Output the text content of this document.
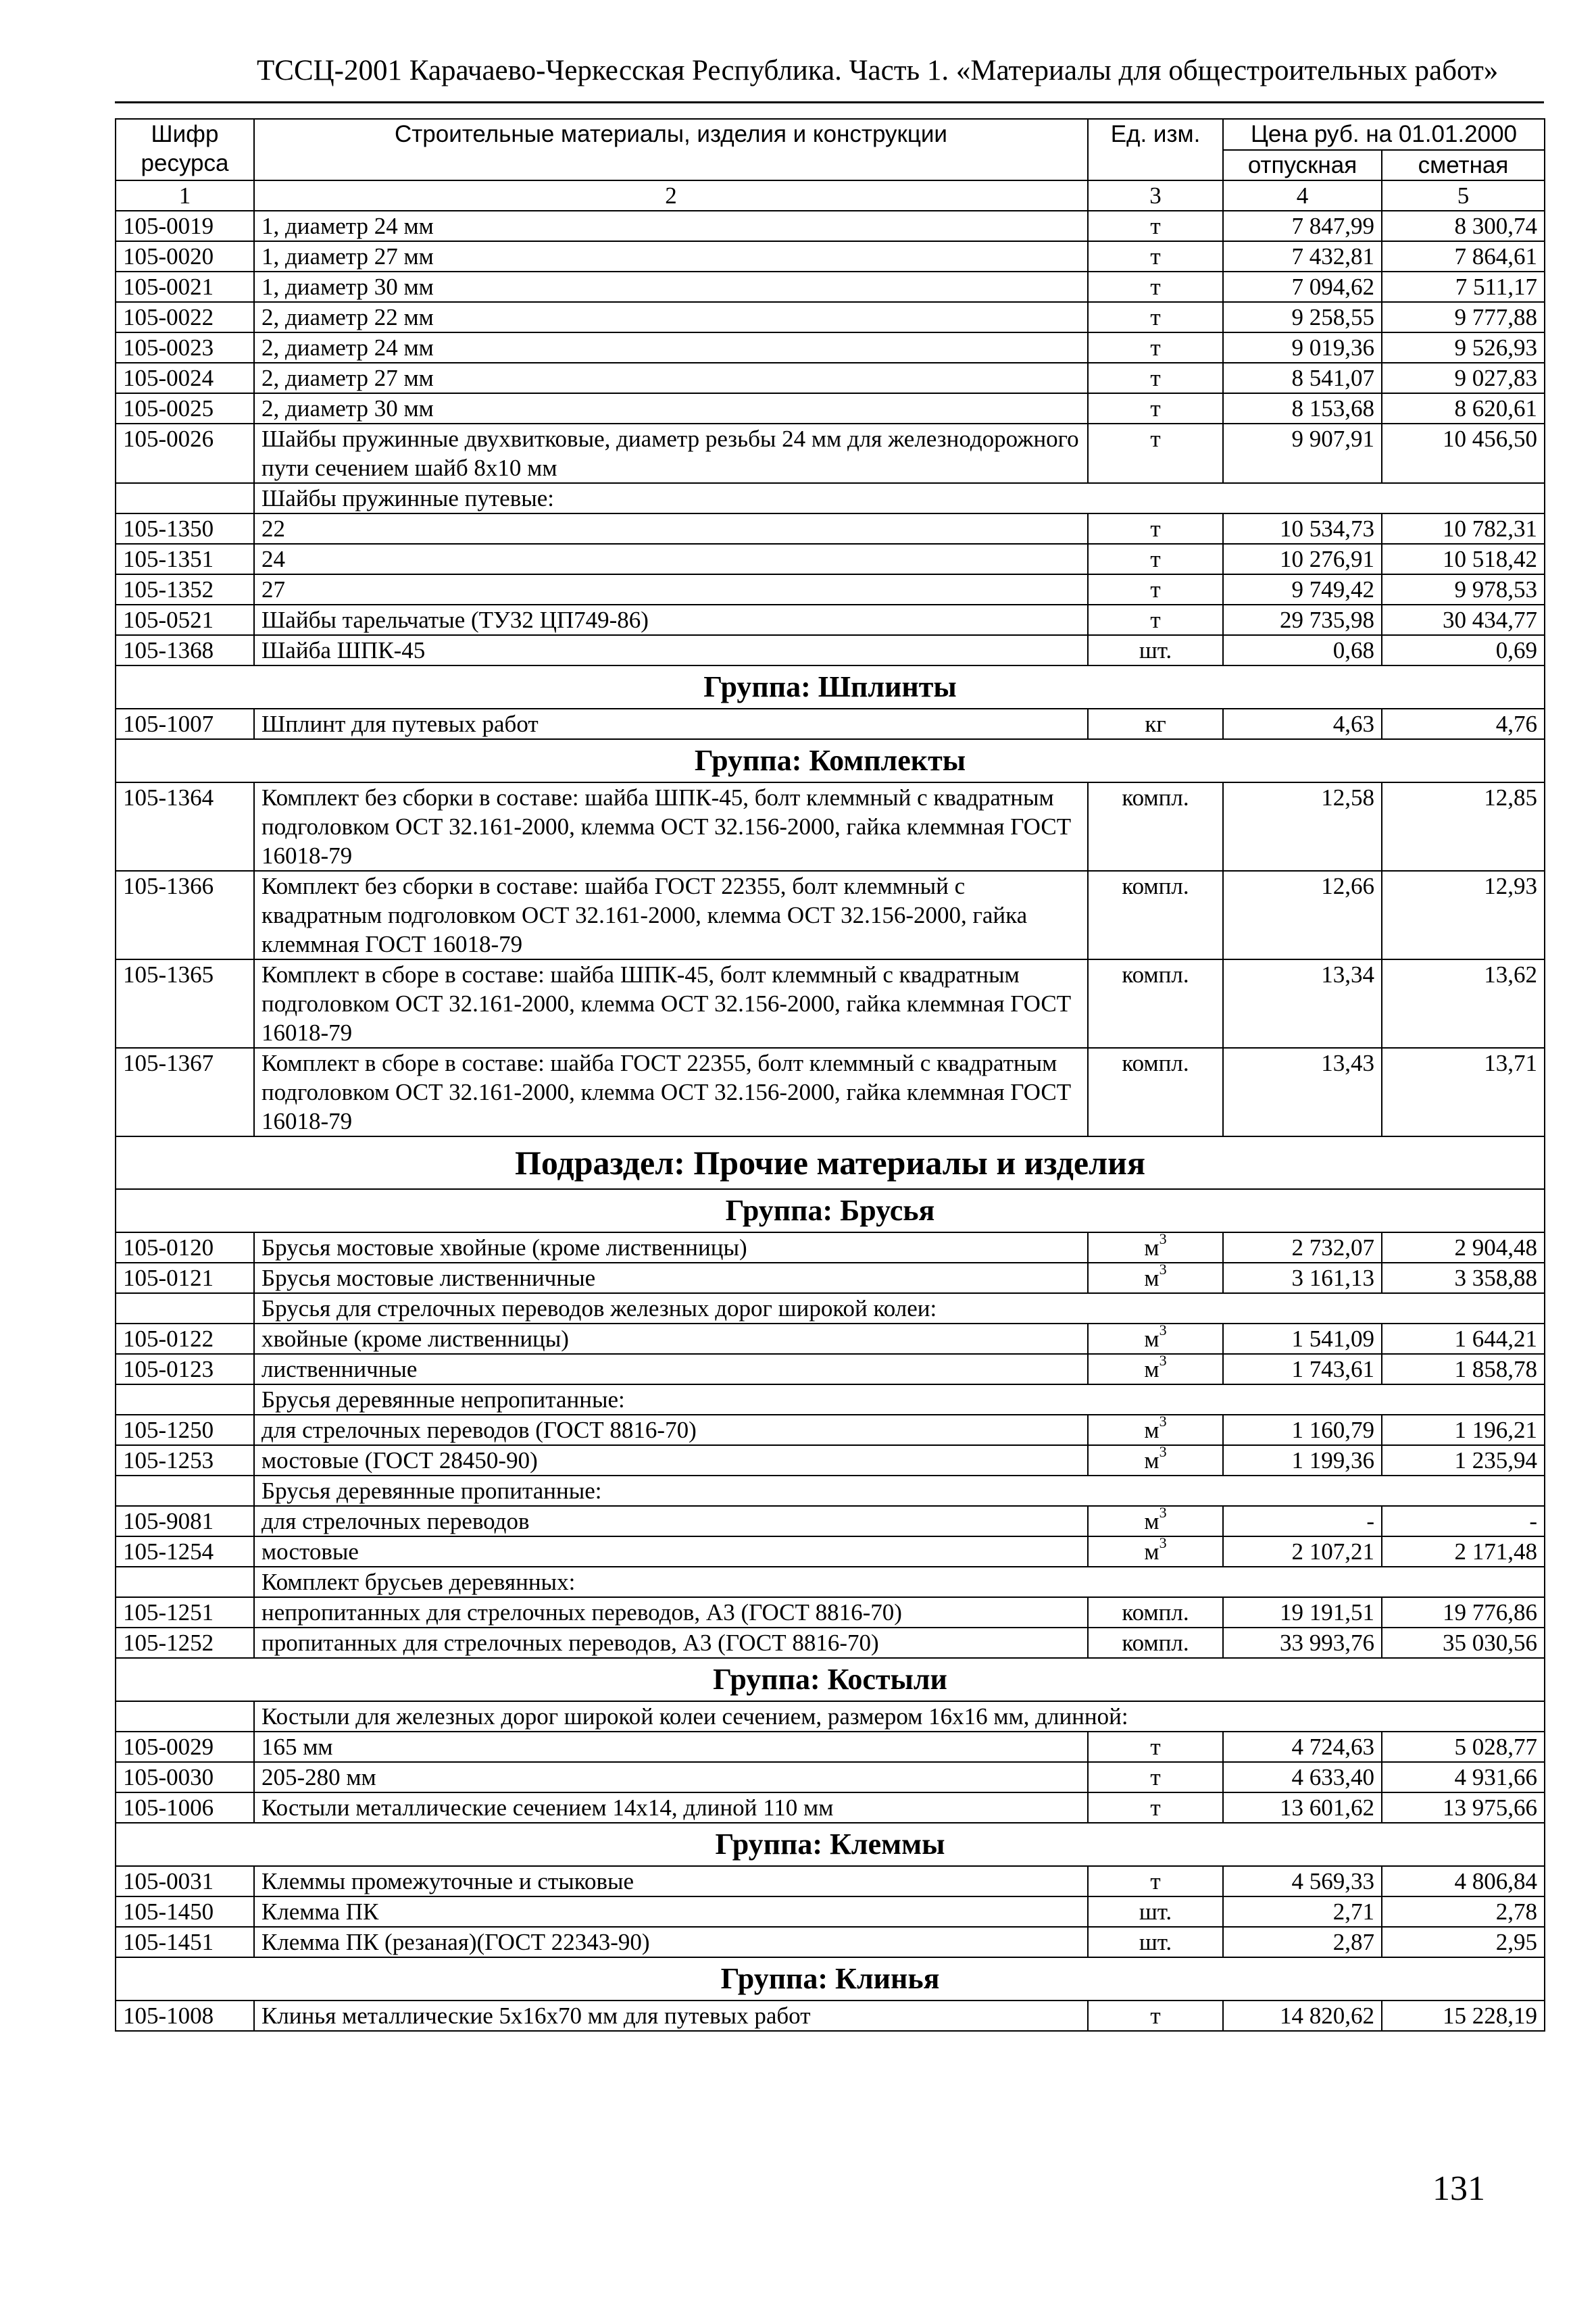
ТССЦ-2001 Карачаево-Черкесская Республика. Часть 1. «Материалы для общестроительных работ»
Шифр ресурса	Строительные материалы, изделия и конструкции	Ед. изм.	Цена руб. на 01.01.2000	
			отпускная	сметная
1	2	3	4	5
105-0019	1, диаметр 24 мм	т	7 847,99	8 300,74
105-0020	1, диаметр 27 мм	т	7 432,81	7 864,61
105-0021	1, диаметр 30 мм	т	7 094,62	7 511,17
105-0022	2, диаметр 22 мм	т	9 258,55	9 777,88
105-0023	2, диаметр 24 мм	т	9 019,36	9 526,93
105-0024	2, диаметр 27 мм	т	8 541,07	9 027,83
105-0025	2, диаметр 30 мм	т	8 153,68	8 620,61
105-0026	Шайбы пружинные двухвитковые, диаметр резьбы 24 мм для железнодорожного пути сечением шайб 8х10 мм	т	9 907,91	10 456,50
	Шайбы пружинные путевые:			
105-1350	22	т	10 534,73	10 782,31
105-1351	24	т	10 276,91	10 518,42
105-1352	27	т	9 749,42	9 978,53
105-0521	Шайбы тарельчатые (ТУ32 ЦП749-86)	т	29 735,98	30 434,77
105-1368	Шайба ШПК-45	шт.	0,68	0,69
Группа: Шплинты				
105-1007	Шплинт для путевых работ	кг	4,63	4,76
Группа: Комплекты				
105-1364	Комплект без сборки в составе: шайба ШПК-45, болт клеммный с квадратным подголовком ОСТ 32.161-2000, клемма ОСТ 32.156-2000, гайка клеммная ГОСТ 16018-79	компл.	12,58	12,85
105-1366	Комплект без сборки в составе: шайба ГОСТ 22355, болт клеммный с квадратным подголовком ОСТ 32.161-2000, клемма ОСТ 32.156-2000, гайка клеммная ГОСТ 16018-79	компл.	12,66	12,93
105-1365	Комплект в сборе в составе: шайба ШПК-45, болт клеммный с квадратным подголовком ОСТ 32.161-2000, клемма ОСТ 32.156-2000, гайка клеммная ГОСТ 16018-79	компл.	13,34	13,62
105-1367	Комплект в сборе в составе: шайба ГОСТ 22355, болт клеммный с квадратным подголовком ОСТ 32.161-2000, клемма ОСТ 32.156-2000, гайка клеммная ГОСТ 16018-79	компл.	13,43	13,71
Подраздел: Прочие материалы и изделия				
Группа: Брусья				
105-0120	Брусья мостовые хвойные (кроме лиственницы)	$м^3$	2 732,07	2 904,48
105-0121	Брусья мостовые лиственничные	$м^3$	3 161,13	3 358,88
	Брусья для стрелочных переводов железных дорог широкой колеи:			
105-0122	хвойные (кроме лиственницы)	$м^3$	1 541,09	1 644,21
105-0123	лиственничные	$м^3$	1 743,61	1 858,78
	Брусья деревянные непропитанные:			
105-1250	для стрелочных переводов (ГОСТ 8816-70)	$м^3$	1 160,79	1 196,21
105-1253	мостовые (ГОСТ 28450-90)	$м^3$	1 199,36	1 235,94
	Брусья деревянные пропитанные:			
105-9081	для стрелочных переводов	$м^3$	-	-
105-1254	мостовые	$м^3$	2 107,21	2 171,48
	Комплект брусьев деревянных:			
105-1251	непропитанных для стрелочных переводов, А3 (ГОСТ 8816-70)	компл.	19 191,51	19 776,86
105-1252	пропитанных для стрелочных переводов, А3 (ГОСТ 8816-70)	компл.	33 993,76	35 030,56
Группа: Костыли				
	Костыли для железных дорог широкой колеи сечением, размером 16х16 мм, длинной:			
105-0029	165 мм	т	4 724,63	5 028,77
105-0030	205-280 мм	т	4 633,40	4 931,66
105-1006	Костыли металлические сечением 14х14, длиной 110 мм	т	13 601,62	13 975,66
Группа: Клеммы				
105-0031	Клеммы промежуточные и стыковые	т	4 569,33	4 806,84
105-1450	Клемма ПК	шт.	2,71	2,78
105-1451	Клемма ПК (резаная)(ГОСТ 22343-90)	шт.	2,87	2,95
Группа: Клинья				
105-1008	Клинья металлические 5х16х70 мм для путевых работ	т	14 820,62	15 228,19
131
